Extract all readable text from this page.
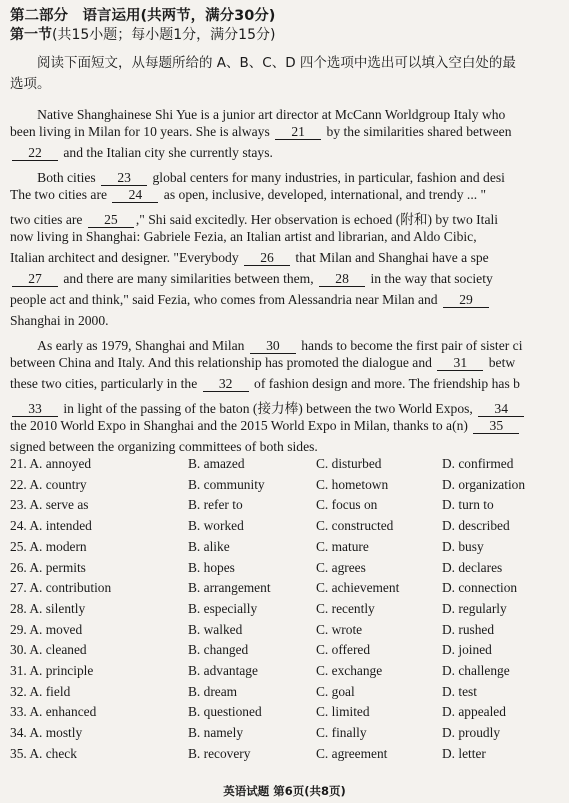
第二部分　语言运用(共两节，满分30分)
第一节(共15小题；每小题1分，满分15分)
　　阅读下面短文，从每题所给的 A、B、C、D 四个选项中选出可以填入空白处的最
选项。
　　Native Shanghainese Shi Yue is a junior art director at McCann Worldgroup Italy who
been living in Milan for 10 years. She is always 21 by the similarities shared between
22 and the Italian city she currently stays.
　　Both cities 23 global centers for many industries, in particular, fashion and desi
The two cities are 24 as open, inclusive, developed, international, and trendy ... "
two cities are 25 ," Shi said excitedly. Her observation is echoed (附和) by two Itali
now living in Shanghai: Gabriele Fezia, an Italian artist and librarian, and Aldo Cibic,
Italian architect and designer. "Everybody 26 that Milan and Shanghai have a spe
27 and there are many similarities between them, 28 in the way that society
people act and think," said Fezia, who comes from Alessandria near Milan and 29
Shanghai in 2000.
　　As early as 1979, Shanghai and Milan 30 hands to become the first pair of sister ci
between China and Italy. And this relationship has promoted the dialogue and 31 betw
these two cities, particularly in the 32 of fashion design and more. The friendship has b
33 in light of the passing of the baton (接力棒) between the two World Expos, 34
the 2010 World Expo in Shanghai and the 2015 World Expo in Milan, thanks to a(n) 35
signed between the organizing committees of both sides.
21. A. annoyed	B. amazed	C. disturbed	D. confirmed
22. A. country	B. community	C. hometown	D. organization
23. A. serve as	B. refer to	C. focus on	D. turn to
24. A. intended	B. worked	C. constructed	D. described
25. A. modern	B. alike	C. mature	D. busy
26. A. permits	B. hopes	C. agrees	D. declares
27. A. contribution	B. arrangement	C. achievement	D. connection
28. A. silently	B. especially	C. recently	D. regularly
29. A. moved	B. walked	C. wrote	D. rushed
30. A. cleaned	B. changed	C. offered	D. joined
31. A. principle	B. advantage	C. exchange	D. challenge
32. A. field	B. dream	C. goal	D. test
33. A. enhanced	B. questioned	C. limited	D. appealed
34. A. mostly	B. namely	C. finally	D. proudly
35. A. check	B. recovery	C. agreement	D. letter
英语试题 第6页(共8页)
